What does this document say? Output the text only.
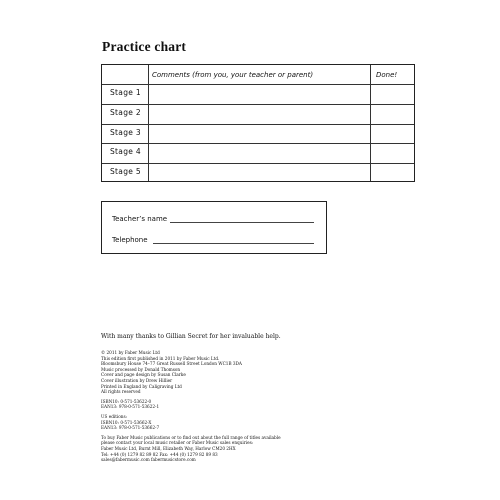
Practice chart
Comments (from you, your teacher or parent)	Done!
Stage 1
Stage 2
Stage 3
Stage 4
Stage 5
Teacher’s name
Telephone
With many thanks to Gillian Secret for her invaluable help.
© 2011 by Faber Music Ltd
This edition first published in 2011 by Faber Music Ltd.
Bloomsbury House 74–77 Great Russell Street London WC1B 3DA
Music processed by Donald Thomson
Cover and page design by Susan Clarke
Cover illustration by Drew Hillier
Printed in England by Caligraving Ltd
All rights reserved
ISBN10: 0-571-53622-0
EAN13: 978-0-571-53622-1
US editions:
ISBN10: 0-571-53662-X
EAN13: 978-0-571-53662-7
To buy Faber Music publications or to find out about the full range of titles available
please contact your local music retailer or Faber Music sales enquiries:
Faber Music Ltd, Burnt Mill, Elizabeth Way, Harlow CM20 2HX
Tel: +44 (0) 1279 82 89 82 Fax: +44 (0) 1279 82 89 83
sales@fabermusic.com fabermusicstore.com
